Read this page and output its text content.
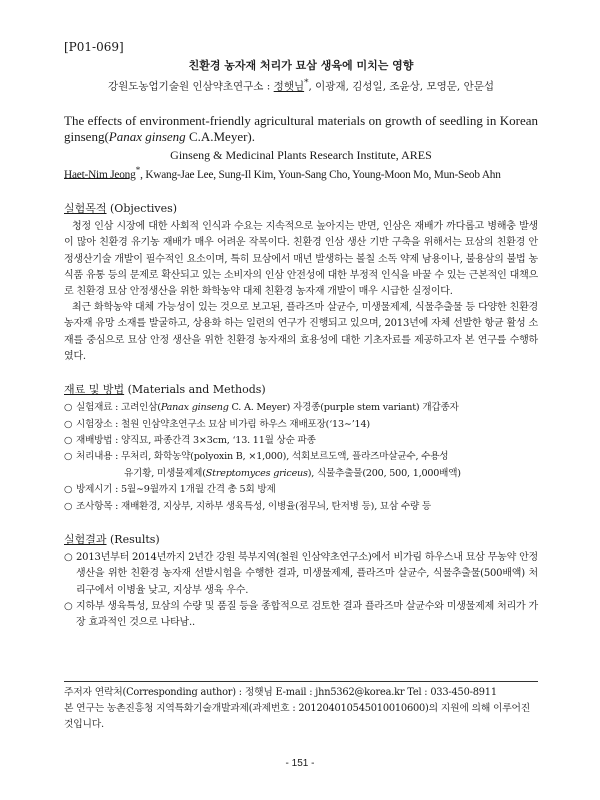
[P01-069]
친환경 농자재 처리가 묘삼 생육에 미치는 영향
강원도농업기술원 인삼약초연구소 : 정햇님*, 이광재, 김성일, 조윤상, 모영문, 안문섭
The effects of environment-friendly agricultural materials on growth of seedling in Korean ginseng(Panax ginseng C.A.Meyer).
Ginseng & Medicinal Plants Research Institute, ARES
Haet-Nim Jeong*, Kwang-Jae Lee, Sung-Il Kim, Youn-Sang Cho, Young-Moon Mo, Mun-Seob Ahn
실험목적 (Objectives)

청정 인삼 시장에 대한 사회적 인식과 수요는 지속적으로 높아지는 반면, 인삼은 재배가 까다롭고 병해충 발생이 많아 친환경 유기농 재배가 매우 어려운 작목이다. 친환경 인삼 생산 기반 구축을 위해서는 묘삼의 친환경 안정생산기술 개발이 필수적인 요소이며, 특히 묘삼에서 매년 발생하는 볼칠 소독 약제 남용이나, 불용삼의 불법 농식품 유통 등의 문제로 확산되고 있는 소비자의 인삼 안전성에 대한 부정적 인식을 바꿀 수 있는 근본적인 대책으로 친환경 묘삼 안정생산을 위한 화학농약 대체 친환경 농자재 개발이 매우 시급한 실정이다.

최근 화학농약 대체 가능성이 있는 것으로 보고된, 플라즈마 살균수, 미생물제제, 식물추출물 등 다양한 친환경 농자재 유망 소재를 발굴하고, 상용화 하는 일련의 연구가 진행되고 있으며, 2013년에 자체 선발한 항균 활성 소재를 중심으로 묘삼 안정 생산을 위한 친환경 농자재의 효용성에 대한 기초자료를 제공하고자 본 연구를 수행하였다.

재료 및 방법 (Materials and Methods)
○ 실험재료 : 고려인삼(Panax ginseng C. A. Meyer) 자경종(purple stem variant) 개갑종자
○ 시험장소 : 철원 인삼약초연구소 묘삼 비가림 하우스 재배포장(‘13∼’14)
○ 재배방법 : 양직묘, 파종간격 3×3cm, ‘13. 11월 상순 파종
○ 처리내용 : 무처리, 화학농약(polyoxin B, ×1,000), 석회보르도액, 플라즈마살균수, 수용성
유기황, 미생물제제(Streptomyces griceus), 식물추출물(200, 500, 1,000배액)
○ 방제시기 : 5월∼9월까지 1개월 간격 총 5회 방제
○ 조사항목 : 재배환경, 지상부, 지하부 생육특성, 이병율(점무늬, 탄저병 등), 묘삼 수량 등
실험결과 (Results)
○ 2013년부터 2014년까지 2년간 강원 북부지역(철원 인삼약초연구소)에서 비가림 하우스내 묘삼 무농약 안정생산을 위한 친환경 농자재 선발시험을 수행한 결과, 미생물제제, 플라즈마 살균수, 식물추출물(500배액) 처리구에서 이병율 낮고, 지상부 생육 우수.
○ 지하부 생육특성, 묘삼의 수량 및 품질 등을 종합적으로 검토한 결과 플라즈마 살균수와 미생물제제 처리가 가장 효과적인 것으로 나타남..
주저자 연락처(Corresponding author) : 정햇님 E-mail : jhn5362@korea.kr Tel : 033-450-8911
본 연구는 농촌진흥청 지역특화기술개발과제(과제번호 : 201204010545010010600)의 지원에 의해 이루어진 것입니다.
- 151 -
